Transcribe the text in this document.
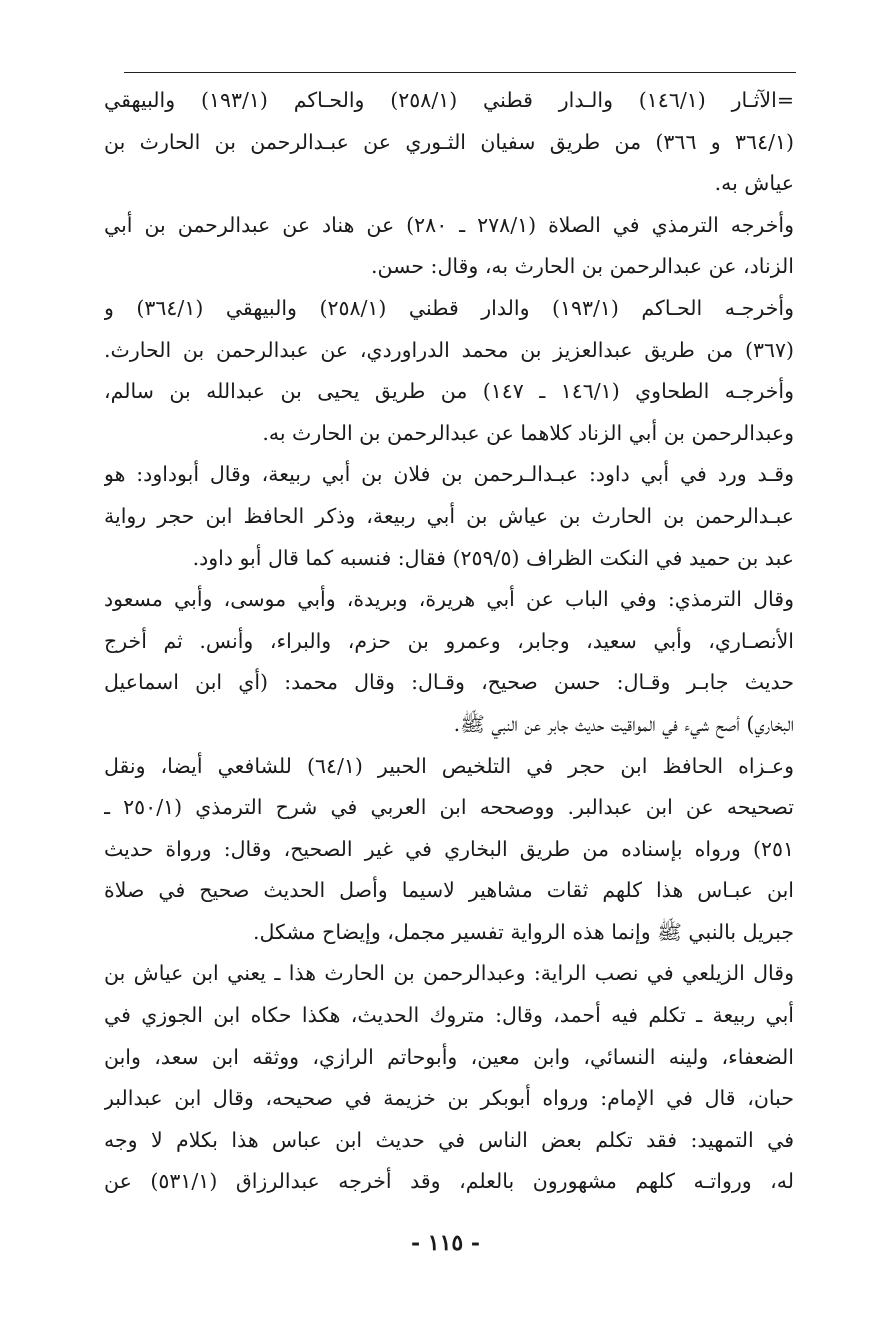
=الآثـار (١٤٦/١) والـدار قطني (٢٥٨/١) والحـاكم (١٩٣/١) والبيهقي
(٣٦٤/١ و ٣٦٦) من طريق سفيان الثـوري عن عبـدالرحمن بن الحارث بن
عياش به.
وأخرجه الترمذي في الصلاة (٢٧٨/١ ـ ٢٨٠) عن هناد عن عبدالرحمن بن أبي
الزناد، عن عبدالرحمن بن الحارث به، وقال: حسن.
وأخرجـه الحـاكم (١٩٣/١) والدار قطني (٢٥٨/١) والبيهقي (٣٦٤/١) و
(٣٦٧) من طريق عبدالعزيز بن محمد الدراوردي، عن عبدالرحمن بن الحارث.
وأخرجـه الطحاوي (١٤٦/١ ـ ١٤٧) من طريق يحيى بن عبدالله بن سالم،
وعبدالرحمن بن أبي الزناد كلاهما عن عبدالرحمن بن الحارث به.
وقـد ورد في أبي داود: عبـدالـرحمن بن فلان بن أبي ربيعة، وقال أبوداود: هو
عبـدالرحمن بن الحارث بن عياش بن أبي ربيعة، وذكر الحافظ ابن حجر رواية
عبد بن حميد في النكت الظراف (٢٥٩/٥) فقال: فنسبه كما قال أبو داود.
وقال الترمذي: وفي الباب عن أبي هريرة، وبريدة، وأبي موسى، وأبي مسعود
الأنصـاري، وأبي سعيد، وجابر، وعمرو بن حزم، والبراء، وأنس. ثم أخرج
حديث جابـر وقـال: حسن صحيح، وقـال: وقال محمد: (أي ابن اسماعيل
البخاري) أصح شيء في المواقيت حديث جابر عن النبي ﷺ.
وعـزاه الحافظ ابن حجر في التلخيص الحبير (٦٤/١) للشافعي أيضا، ونقل
تصحيحه عن ابن عبدالبر. ووصححه ابن العربي في شرح الترمذي (٢٥٠/١ ـ
٢٥١) ورواه بإسناده من طريق البخاري في غير الصحيح، وقال: ورواة حديث
ابن عبـاس هذا كلهم ثقات مشاهير لاسيما وأصل الحديث صحيح في صلاة
جبريل بالنبي ﷺ وإنما هذه الرواية تفسير مجمل، وإيضاح مشكل.
وقال الزيلعي في نصب الراية: وعبدالرحمن بن الحارث هذا ـ يعني ابن عياش بن
أبي ربيعة ـ تكلم فيه أحمد، وقال: متروك الحديث، هكذا حكاه ابن الجوزي في
الضعفاء، ولينه النسائي، وابن معين، وأبوحاتم الرازي، ووثقه ابن سعد، وابن
حبان، قال في الإمام: ورواه أبوبكر بن خزيمة في صحيحه، وقال ابن عبدالبر
في التمهيد: فقد تكلم بعض الناس في حديث ابن عباس هذا بكلام لا وجه
له، ورواتـه كلهم مشهورون بالعلم، وقد أخرجه عبدالرزاق (٥٣١/١) عن
- ١١٥ -
